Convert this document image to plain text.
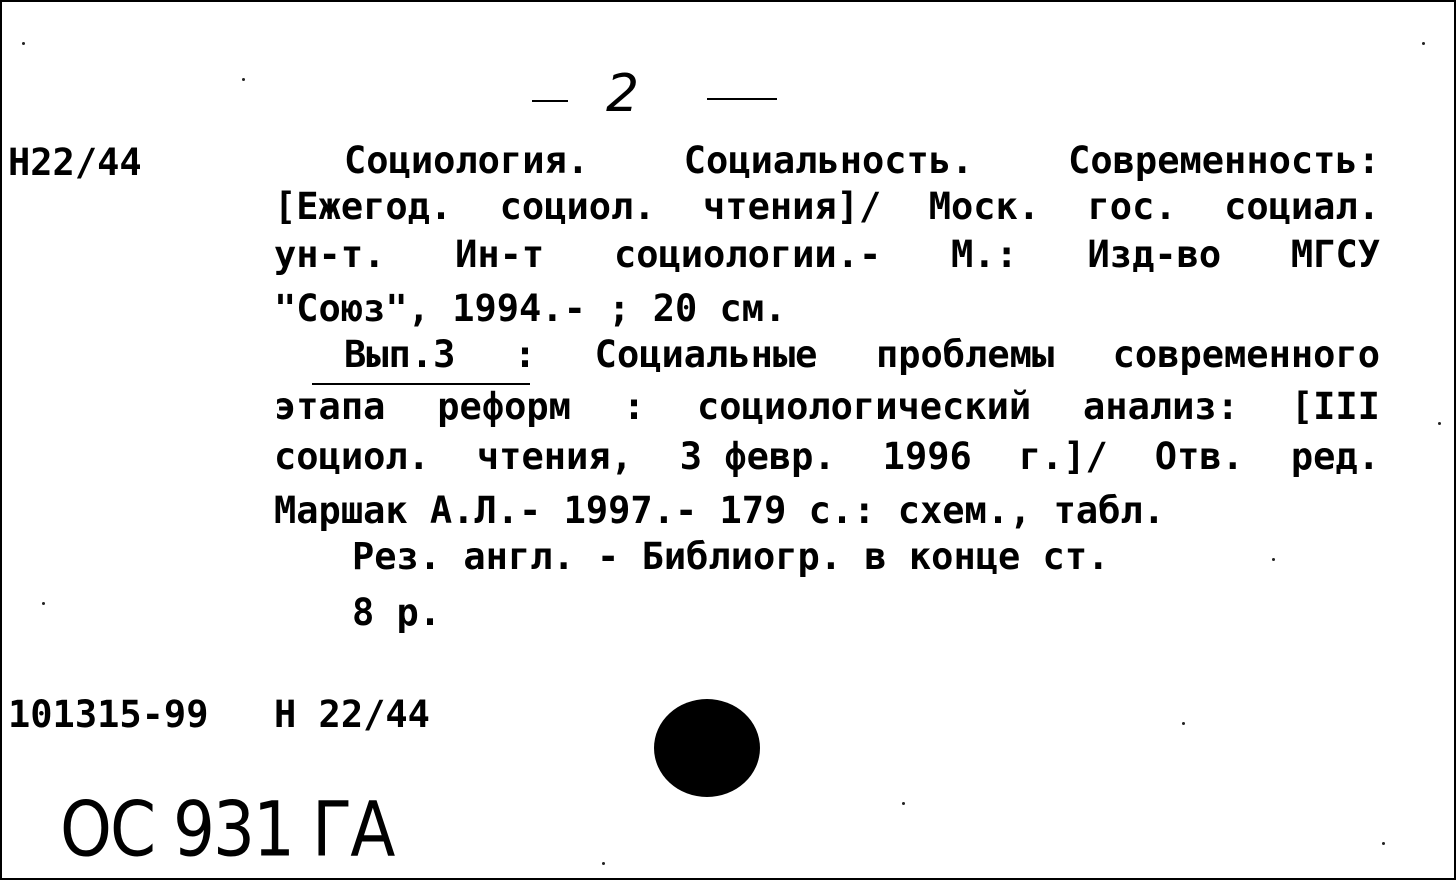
2
H22/44	Социология.	Социальность.	Современность:
[Ежегод. социол. чтения]/ Моск. гос. социал.
ун-т. Ин-т социологии.- М.: Изд-во МГСУ
"Союз", 1994.- ; 20 см.
Вып.3 : Социальные проблемы современного
этапа реформ : социологический анализ: [III
социол. чтения, 3 февр. 1996 г.]/ Отв. ред.
Маршак А.Л.- 1997.- 179 с.: схем., табл.
Рез. англ. - Библиогр. в конце ст.
8 р.
101315-99 Н 22/44
ОС 931 ГА
